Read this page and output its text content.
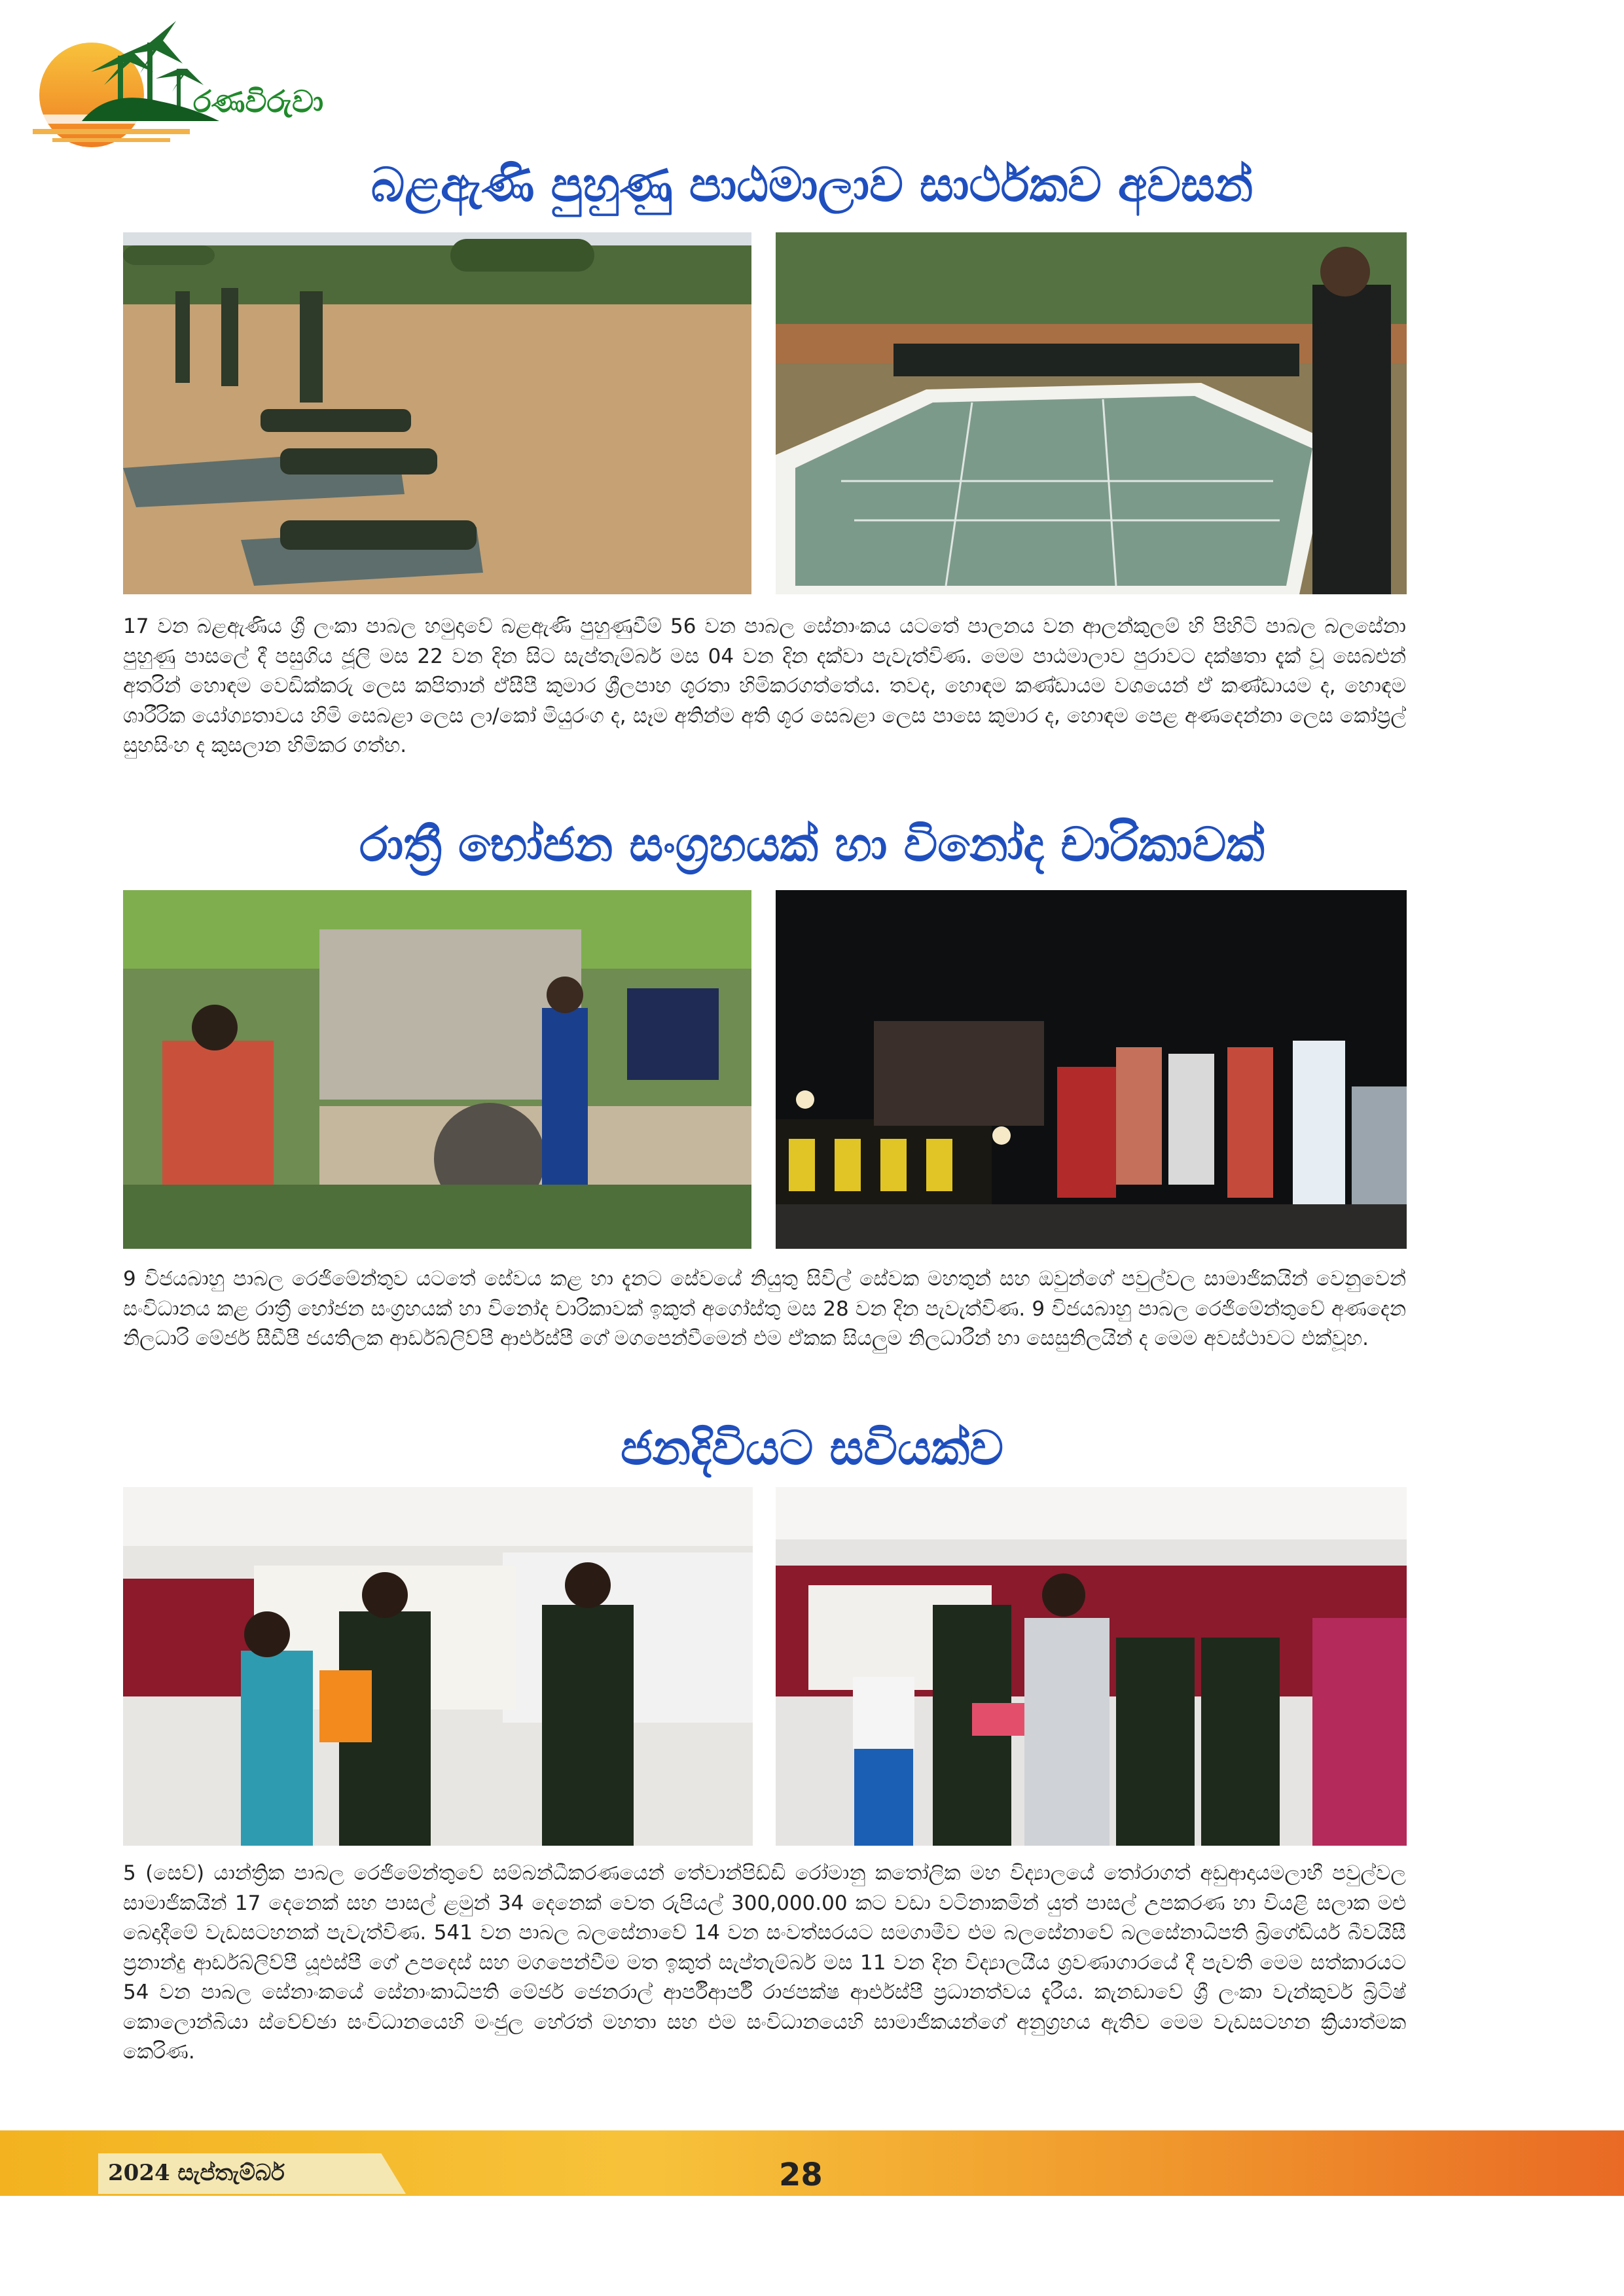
රණවිරුවා
බළඇණි පුහුණු පාඨමාලාව සාර්ථකව අවසන්
17 වන බළඇණිය ශ්‍රී ලංකා පාබල හමුදාවේ බළඇණි පුහුණුවීම් 56 වන පාබල සේනාංකය යටතේ පාලනය වන ආලන්කුලම් හි පිහිටි පාබල බලසේනා පුහුණු පාසලේ දී පසුගිය ජූලි මස 22 වන දින සිට සැප්තැම්බර් මස 04 වන දින දක්වා පැවැත්විණ. මෙම පාඨමාලාව පුරාවට දක්ෂතා දැක් වූ සෙබළුන් අතරින් හොඳම වෙඩික්කරු ලෙස කපිතාන් ඒසීපී කුමාර ශ්‍රීලපාභ ශූරතා හිමිකරගත්තේය. තවද, හොඳම කණ්ඩායම වශයෙන් ඒ කණ්ඩායම ද, හොඳම ශාරීරික යෝග්‍යතාවය හිමි සෙබළා ලෙස ලා/කෝ මියුරංග ද, සෑම අතින්ම අති ශූර සෙබළා ලෙස පාසෙ කුමාර ද, හොඳම පෙළ අණදෙන්නා ලෙස කෝප්‍රල් සුහසිංහ ද කුසලාන හිමිකර ගත්හ.
රාත්‍රී භෝජන සංග්‍රහයක් හා විනෝද චාරිකාවක්
9 විජයබාහු පාබල රෙජිමේන්තුව යටතේ සේවය කළ හා දැනට සේවයේ නියුතු සිවිල් සේවක මහතුන් සහ ඔවුන්ගේ පවුල්වල සාමාජිකයින් වෙනුවෙන් සංවිධානය කළ රාත්‍රී භෝජන සංග්‍රහයක් හා විනෝද චාරිකාවක් ඉකුත් අගෝස්තු මස 28 වන දින පැවැත්විණ. 9 විජයබාහු පාබල රෙජිමේන්තුවේ අණදෙන නිලධාරි මේජර් සීඩීපී ජයතිලක ආර්ඩබ්ලිව්පී ආර්එස්පී ගේ මගපෙන්වීමෙන් එම ඒකක සියලුම නිලධාරීන් හා සෙසුනිලයින් ද මෙම අවස්ථාවට එක්වූහ.
ජනදිවියට සවියක්ව
5 (සෙව්) යාන්ත්‍රික පාබල රෙජිමේන්තුවේ සම්බන්ධීකරණයෙන් තේවාන්පිඩ්ඩි රෝමානු කතෝලික මහ විද්‍යාලයේ තෝරාගත් අඩුආදායමලාභී පවුල්වල සාමාජිකයින් 17 දෙනෙක් සහ පාසල් ළමුන් 34 දෙනෙක් වෙත රුපියල් 300,000.00 කට වඩා වටිනාකමින් යුත් පාසල් උපකරණ හා වියළි සලාක මළු බෙදාදීමේ වැඩසටහනක් පැවැත්විණ. 541 වන පාබල බලසේනාවේ 14 වන සංවත්සරයට සමගාමීව එම බලසේනාවේ බලසේනාධිපති බ්‍රිගේඩියර් බීවයිසී ප්‍රනාන්දු ආර්ඩබ්ලිව්පී යූඑස්පී ගේ උපදෙස් සහ මගපෙන්වීම මත ඉකුත් සැප්තැම්බර් මස 11 වන දින විද්‍යාලයීය ශ්‍රවණාගාරයේ දී පැවති මෙම සත්කාරයට 54 වන පාබල සේනාංකයේ සේනාංකාධිපති මේජර් ජෙනරාල් ආර්පීආර්පී රාජපක්ෂ ආර්එස්පී ප්‍රධානත්වය දැරීය. කැනඩාවේ ශ්‍රී ලංකා වැන්කුවර් බ්‍රිටිෂ් කොලොන්බියා ස්වේච්ඡා සංවිධානයෙහි මංජුල හේරත් මහතා සහ එම සංවිධානයෙහි සාමාජිකයන්ගේ අනුග්‍රහය ඇතිව මෙම වැඩසටහන ක්‍රියාත්මක කෙරිණ.
2024 සැප්තැම්බර්	28
